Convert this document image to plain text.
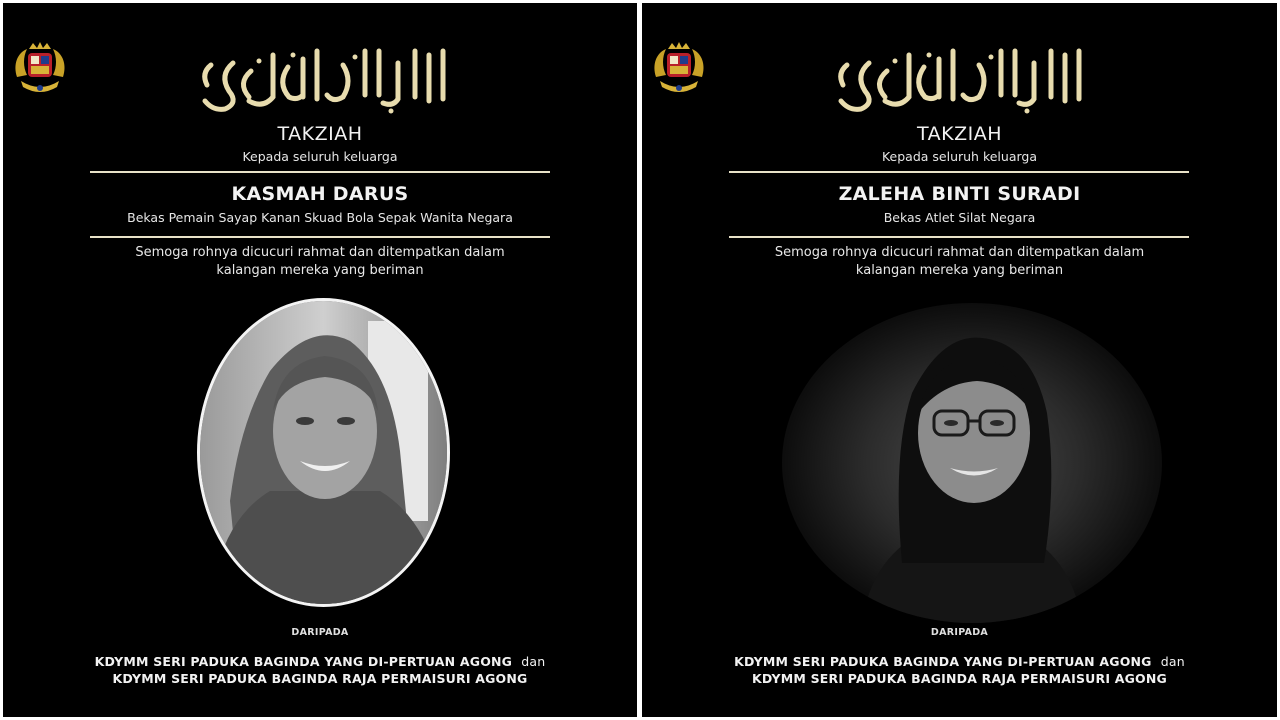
TAKZIAH
Kepada seluruh keluarga
KASMAH DARUS
Bekas Pemain Sayap Kanan Skuad Bola Sepak Wanita Negara
Semoga rohnya dicucuri rahmat dan ditempatkan dalam
kalangan mereka yang beriman
DARIPADA
KDYMM SERI PADUKA BAGINDA YANG DI-PERTUAN AGONG dan
KDYMM SERI PADUKA BAGINDA RAJA PERMAISURI AGONG
TAKZIAH
Kepada seluruh keluarga
ZALEHA BINTI SURADI
Bekas Atlet Silat Negara
Semoga rohnya dicucuri rahmat dan ditempatkan dalam
kalangan mereka yang beriman
DARIPADA
KDYMM SERI PADUKA BAGINDA YANG DI-PERTUAN AGONG dan
KDYMM SERI PADUKA BAGINDA RAJA PERMAISURI AGONG
